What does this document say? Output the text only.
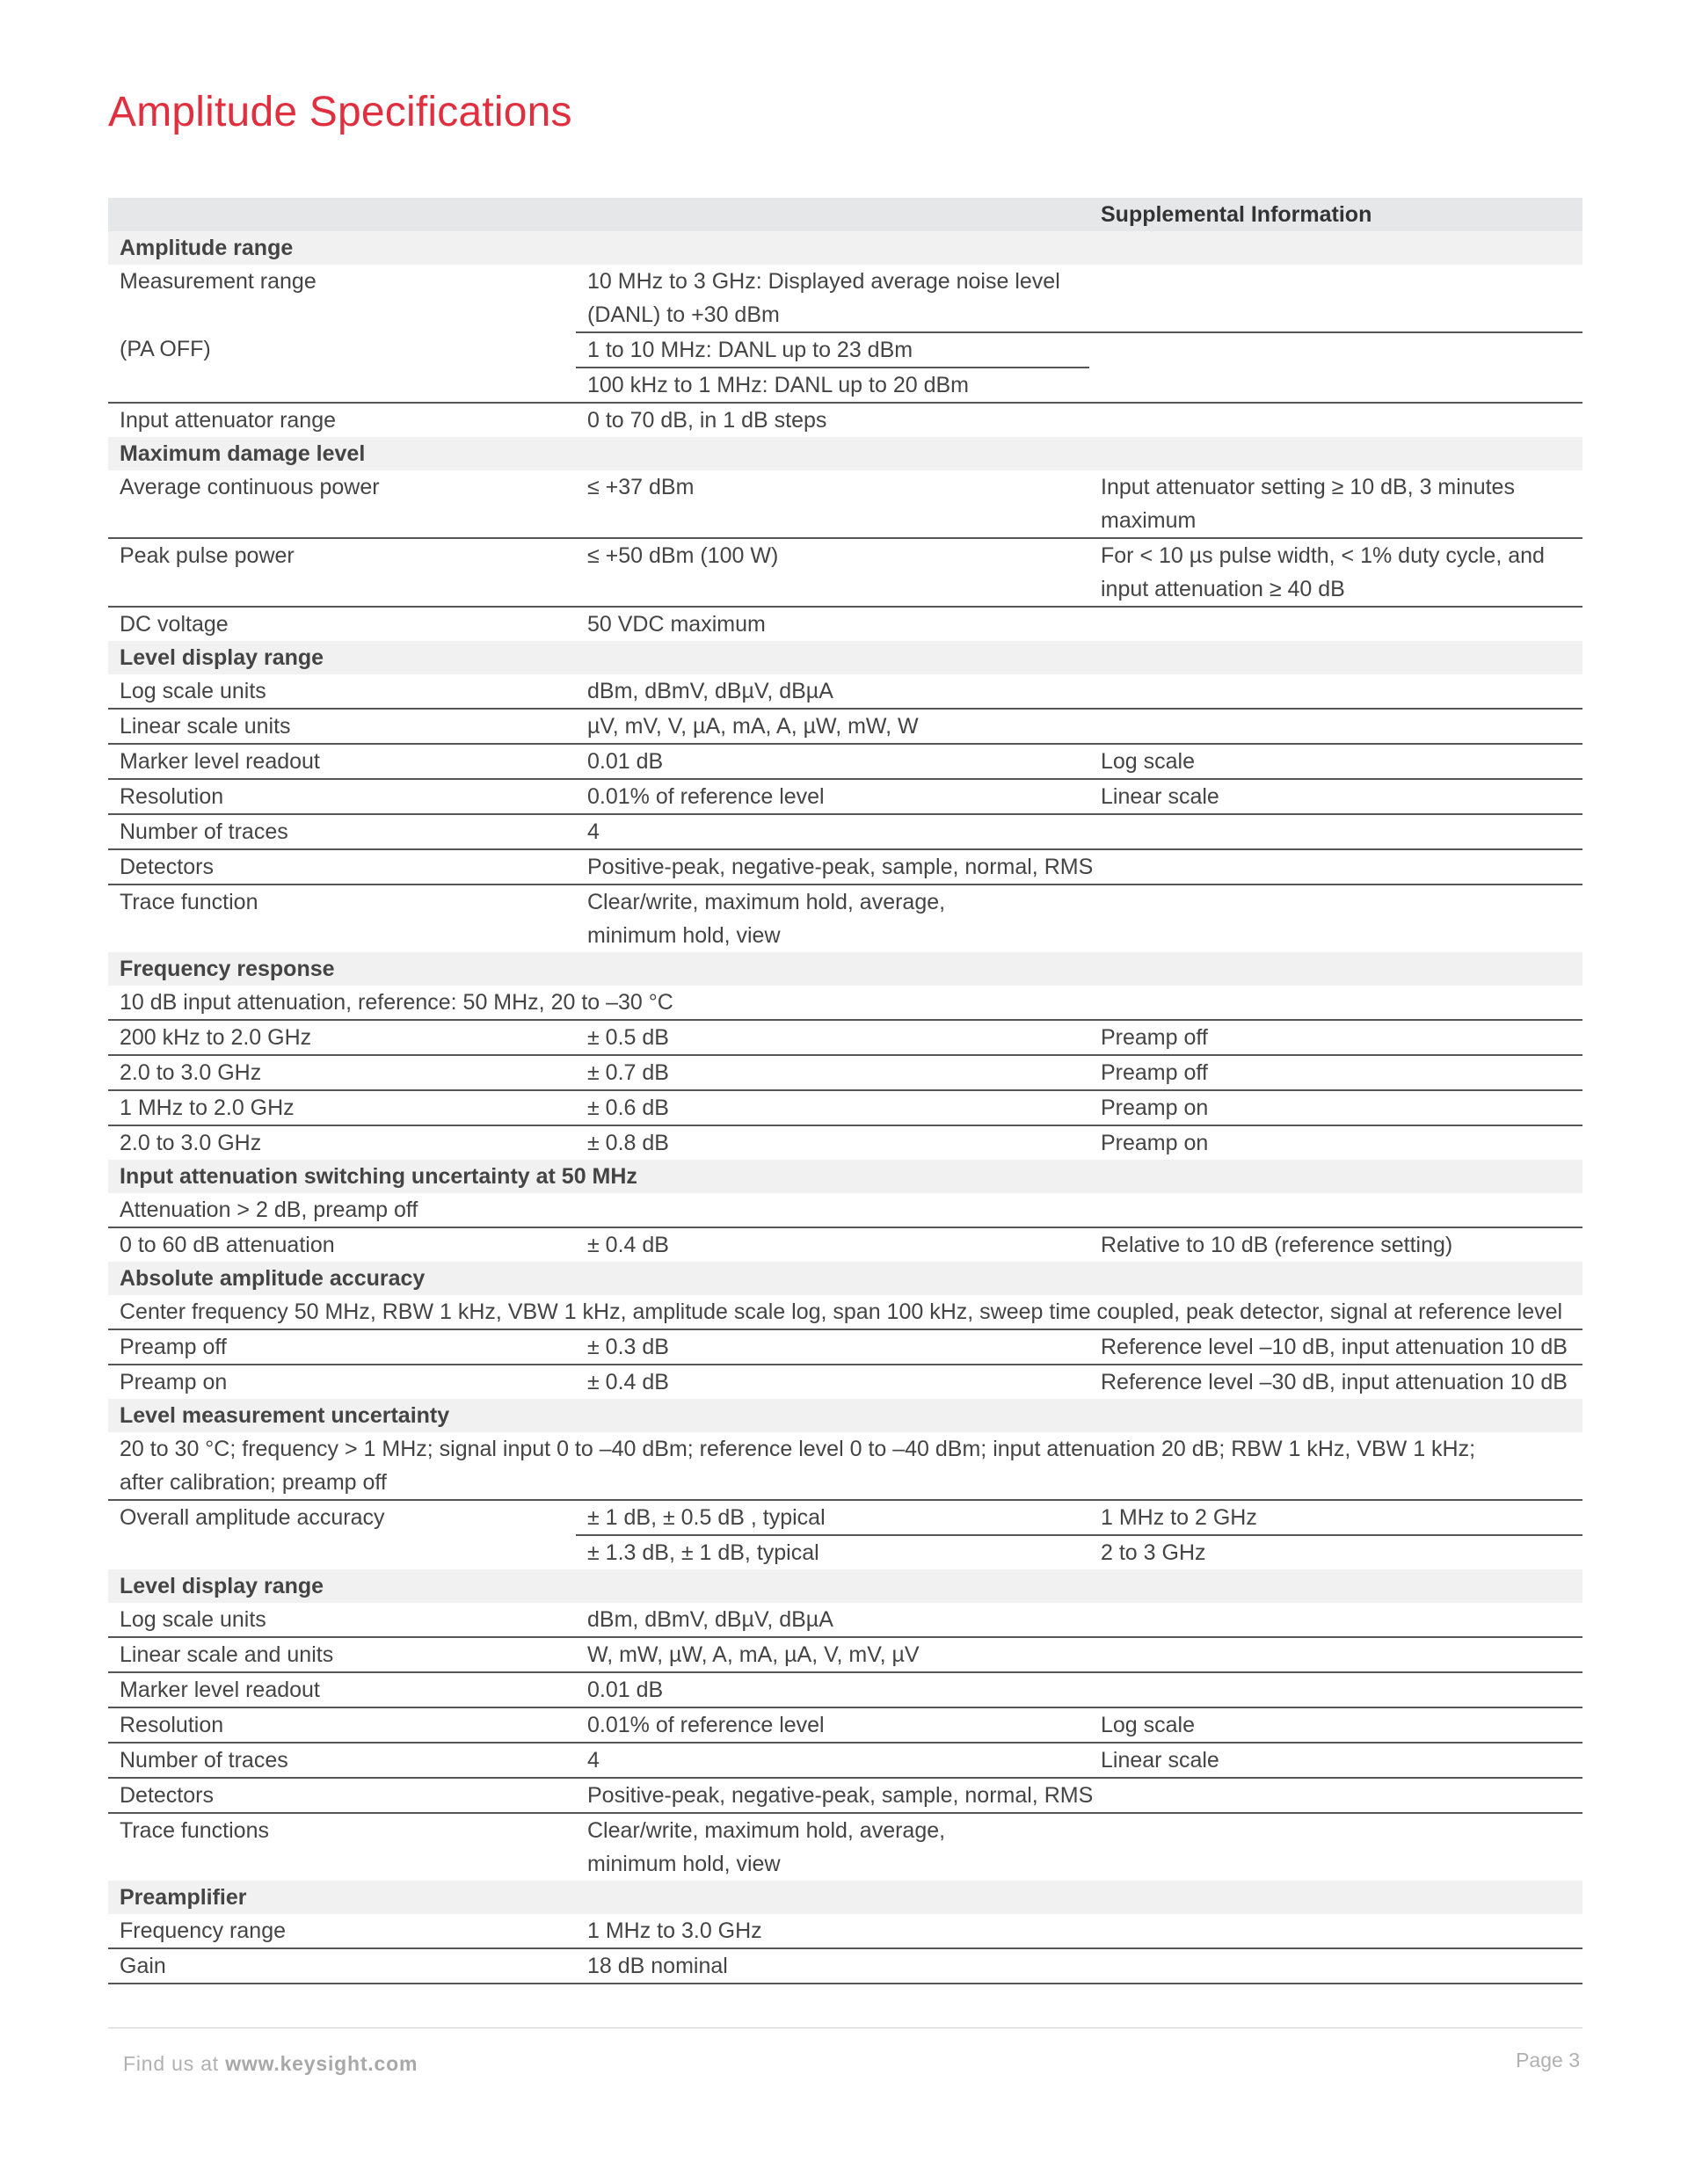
Amplitude Specifications
		Supplemental Information
Amplitude range		
Measurement range	10 MHz to 3 GHz: Displayed average noise level (DANL) to +30 dBm	
(PA OFF)	1 to 10 MHz: DANL up to 23 dBm	
	100 kHz to 1 MHz: DANL up to 20 dBm	
Input attenuator range	0 to 70 dB, in 1 dB steps	
Maximum damage level		
Average continuous power	≤ +37 dBm	Input attenuator setting ≥ 10 dB, 3 minutes maximum
Peak pulse power	≤ +50 dBm (100 W)	For < 10 µs pulse width, < 1% duty cycle, and input attenuation ≥ 40 dB
DC voltage	50 VDC maximum	
Level display range		
Log scale units	dBm, dBmV, dBµV, dBµA	
Linear scale units	µV, mV, V, µA, mA, A, µW, mW, W	
Marker level readout	0.01 dB	Log scale
Resolution	0.01% of reference level	Linear scale
Number of traces	4	
Detectors	Positive-peak, negative-peak, sample, normal, RMS	
Trace function	Clear/write, maximum hold, average, minimum hold, view	
Frequency response		
10 dB input attenuation, reference: 50 MHz, 20 to –30 °C		
200 kHz to 2.0 GHz	± 0.5 dB	Preamp off
2.0 to 3.0 GHz	± 0.7 dB	Preamp off
1 MHz to 2.0 GHz	± 0.6 dB	Preamp on
2.0 to 3.0 GHz	± 0.8 dB	Preamp on
Input attenuation switching uncertainty at 50 MHz		
Attenuation > 2 dB, preamp off		
0 to 60 dB attenuation	± 0.4 dB	Relative to 10 dB (reference setting)
Absolute amplitude accuracy		
Center frequency 50 MHz, RBW 1 kHz, VBW 1 kHz, amplitude scale log, span 100 kHz, sweep time coupled, peak detector, signal at reference level		
Preamp off	± 0.3 dB	Reference level –10 dB, input attenuation 10 dB
Preamp on	± 0.4 dB	Reference level –30 dB, input attenuation 10 dB
Level measurement uncertainty		
20 to 30 °C; frequency > 1 MHz; signal input 0 to –40 dBm; reference level 0 to –40 dBm; input attenuation 20 dB; RBW 1 kHz, VBW 1 kHz; after calibration; preamp off		
Overall amplitude accuracy	± 1 dB, ± 0.5 dB , typical	1 MHz to 2 GHz
	± 1.3 dB, ± 1 dB, typical	2 to 3 GHz
Level display range		
Log scale units	dBm, dBmV, dBµV, dBµA	
Linear scale and units	W, mW, µW, A, mA, µA, V, mV, µV	
Marker level readout	0.01 dB	
Resolution	0.01% of reference level	Log scale
Number of traces	4	Linear scale
Detectors	Positive-peak, negative-peak, sample, normal, RMS	
Trace functions	Clear/write, maximum hold, average, minimum hold, view	
Preamplifier		
Frequency range	1 MHz to 3.0 GHz	
Gain	18 dB nominal	
Find us at www.keysight.com	Page 3
